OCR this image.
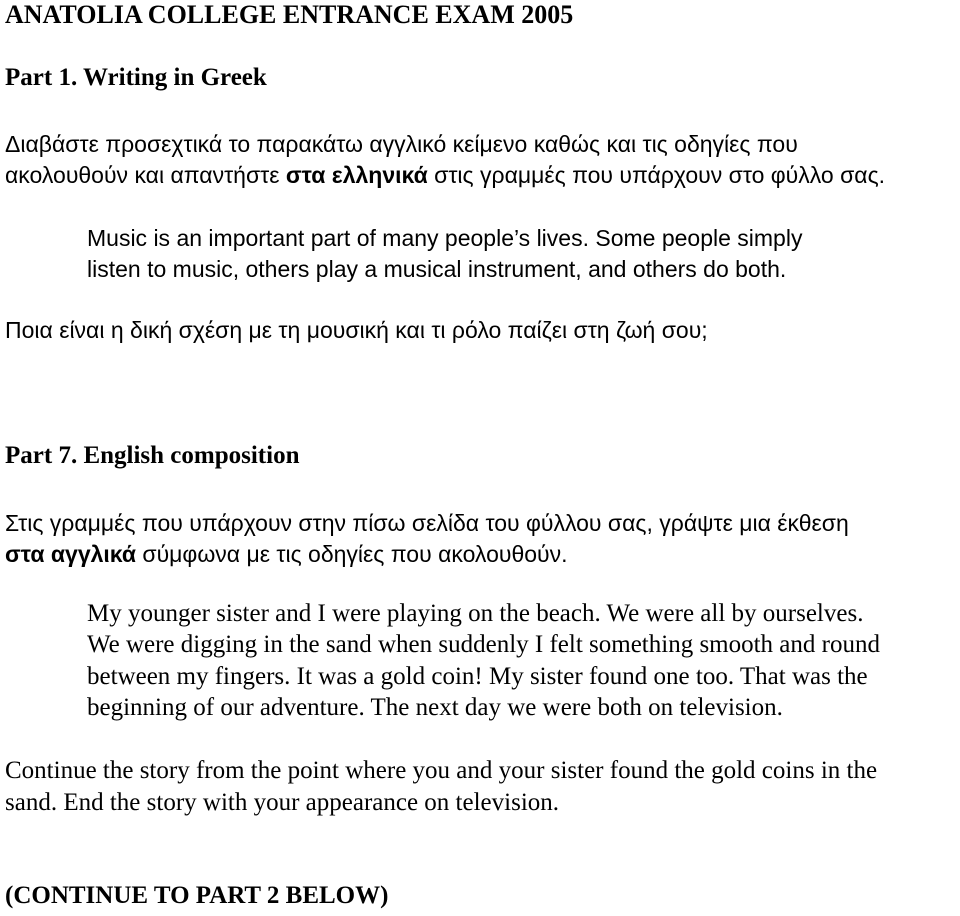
ANATOLIA COLLEGE ENTRANCE EXAM 2005
Part 1. Writing in Greek
Διαβάστε προσεχτικά το παρακάτω αγγλικό κείμενο καθώς και τις οδηγίες που
ακολουθούν και απαντήστε στα ελληνικά στις γραμμές που υπάρχουν στο φύλλο σας.
Music is an important part of many people’s lives. Some people simply
listen to music, others play a musical instrument, and others do both.
Ποια είναι η δική σχέση με τη μουσική και τι ρόλο παίζει στη ζωή σου;
Part 7. English composition
Στις γραμμές που υπάρχουν στην πίσω σελίδα του φύλλου σας, γράψτε μια έκθεση
στα αγγλικά σύμφωνα με τις οδηγίες που ακολουθούν.
My younger sister and I were playing on the beach. We were all by ourselves.
We were digging in the sand when suddenly I felt something smooth and round
between my fingers. It was a gold coin! My sister found one too. That was the
beginning of our adventure. The next day we were both on television.
Continue the story from the point where you and your sister found the gold coins in the
sand. End the story with your appearance on television.
(CONTINUE TO PART 2 BELOW)
